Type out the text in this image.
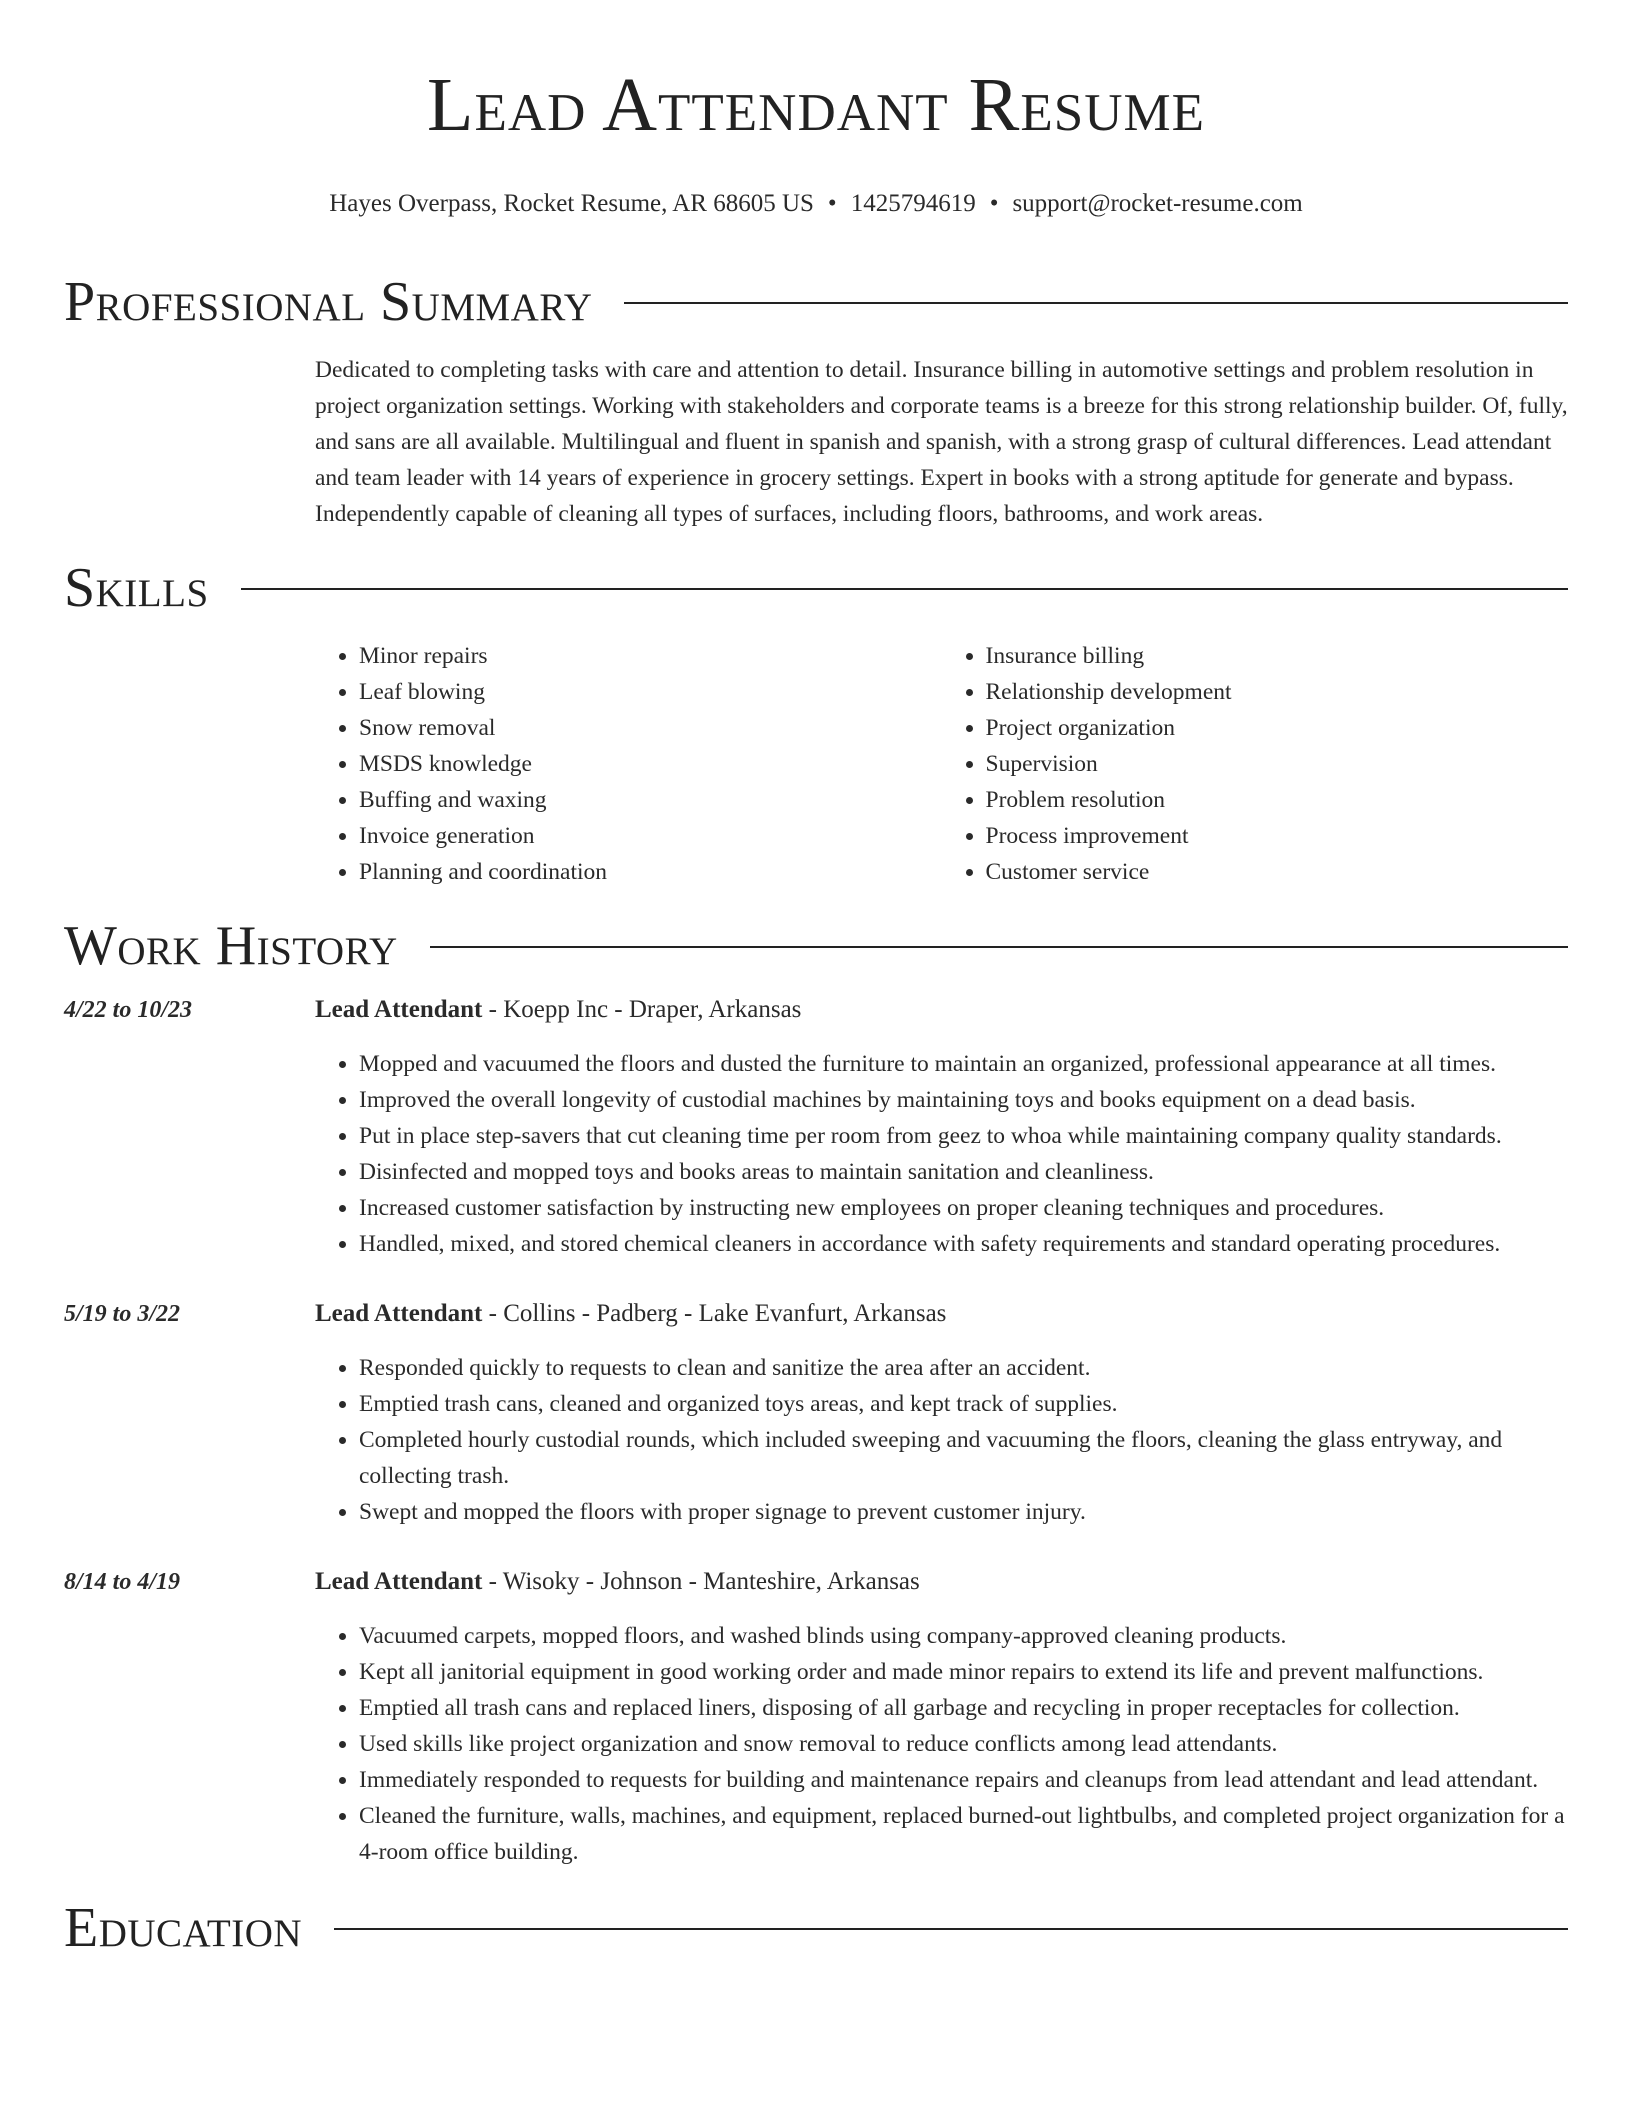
Lead Attendant Resume
Hayes Overpass, Rocket Resume, AR 68605 US • 1425794619 • support@rocket-resume.com
Professional Summary

Dedicated to completing tasks with care and attention to detail. Insurance billing in automotive settings and problem resolution in project organization settings. Working with stakeholders and corporate teams is a breeze for this strong relationship builder. Of, fully, and sans are all available. Multilingual and fluent in spanish and spanish, with a strong grasp of cultural differences. Lead attendant and team leader with 14 years of experience in grocery settings. Expert in books with a strong aptitude for generate and bypass. Independently capable of cleaning all types of surfaces, including floors, bathrooms, and work areas.

Skills
• Minor repairs
• Leaf blowing
• Snow removal
• MSDS knowledge
• Buffing and waxing
• Invoice generation
• Planning and coordination
• Insurance billing
• Relationship development
• Project organization
• Supervision
• Problem resolution
• Process improvement
• Customer service
Work History
4/22 to 10/23	Lead Attendant - Koepp Inc - Draper, Arkansas
• Mopped and vacuumed the floors and dusted the furniture to maintain an organized, professional appearance at all times.
• Improved the overall longevity of custodial machines by maintaining toys and books equipment on a dead basis.
• Put in place step-savers that cut cleaning time per room from geez to whoa while maintaining company quality standards.
• Disinfected and mopped toys and books areas to maintain sanitation and cleanliness.
• Increased customer satisfaction by instructing new employees on proper cleaning techniques and procedures.
• Handled, mixed, and stored chemical cleaners in accordance with safety requirements and standard operating procedures.
5/19 to 3/22	Lead Attendant - Collins - Padberg - Lake Evanfurt, Arkansas
• Responded quickly to requests to clean and sanitize the area after an accident.
• Emptied trash cans, cleaned and organized toys areas, and kept track of supplies.
• Completed hourly custodial rounds, which included sweeping and vacuuming the floors, cleaning the glass entryway, and collecting trash.
• Swept and mopped the floors with proper signage to prevent customer injury.
8/14 to 4/19	Lead Attendant - Wisoky - Johnson - Manteshire, Arkansas
• Vacuumed carpets, mopped floors, and washed blinds using company-approved cleaning products.
• Kept all janitorial equipment in good working order and made minor repairs to extend its life and prevent malfunctions.
• Emptied all trash cans and replaced liners, disposing of all garbage and recycling in proper receptacles for collection.
• Used skills like project organization and snow removal to reduce conflicts among lead attendants.
• Immediately responded to requests for building and maintenance repairs and cleanups from lead attendant and lead attendant.
• Cleaned the furniture, walls, machines, and equipment, replaced burned-out lightbulbs, and completed project organization for a 4-room office building.
Education
